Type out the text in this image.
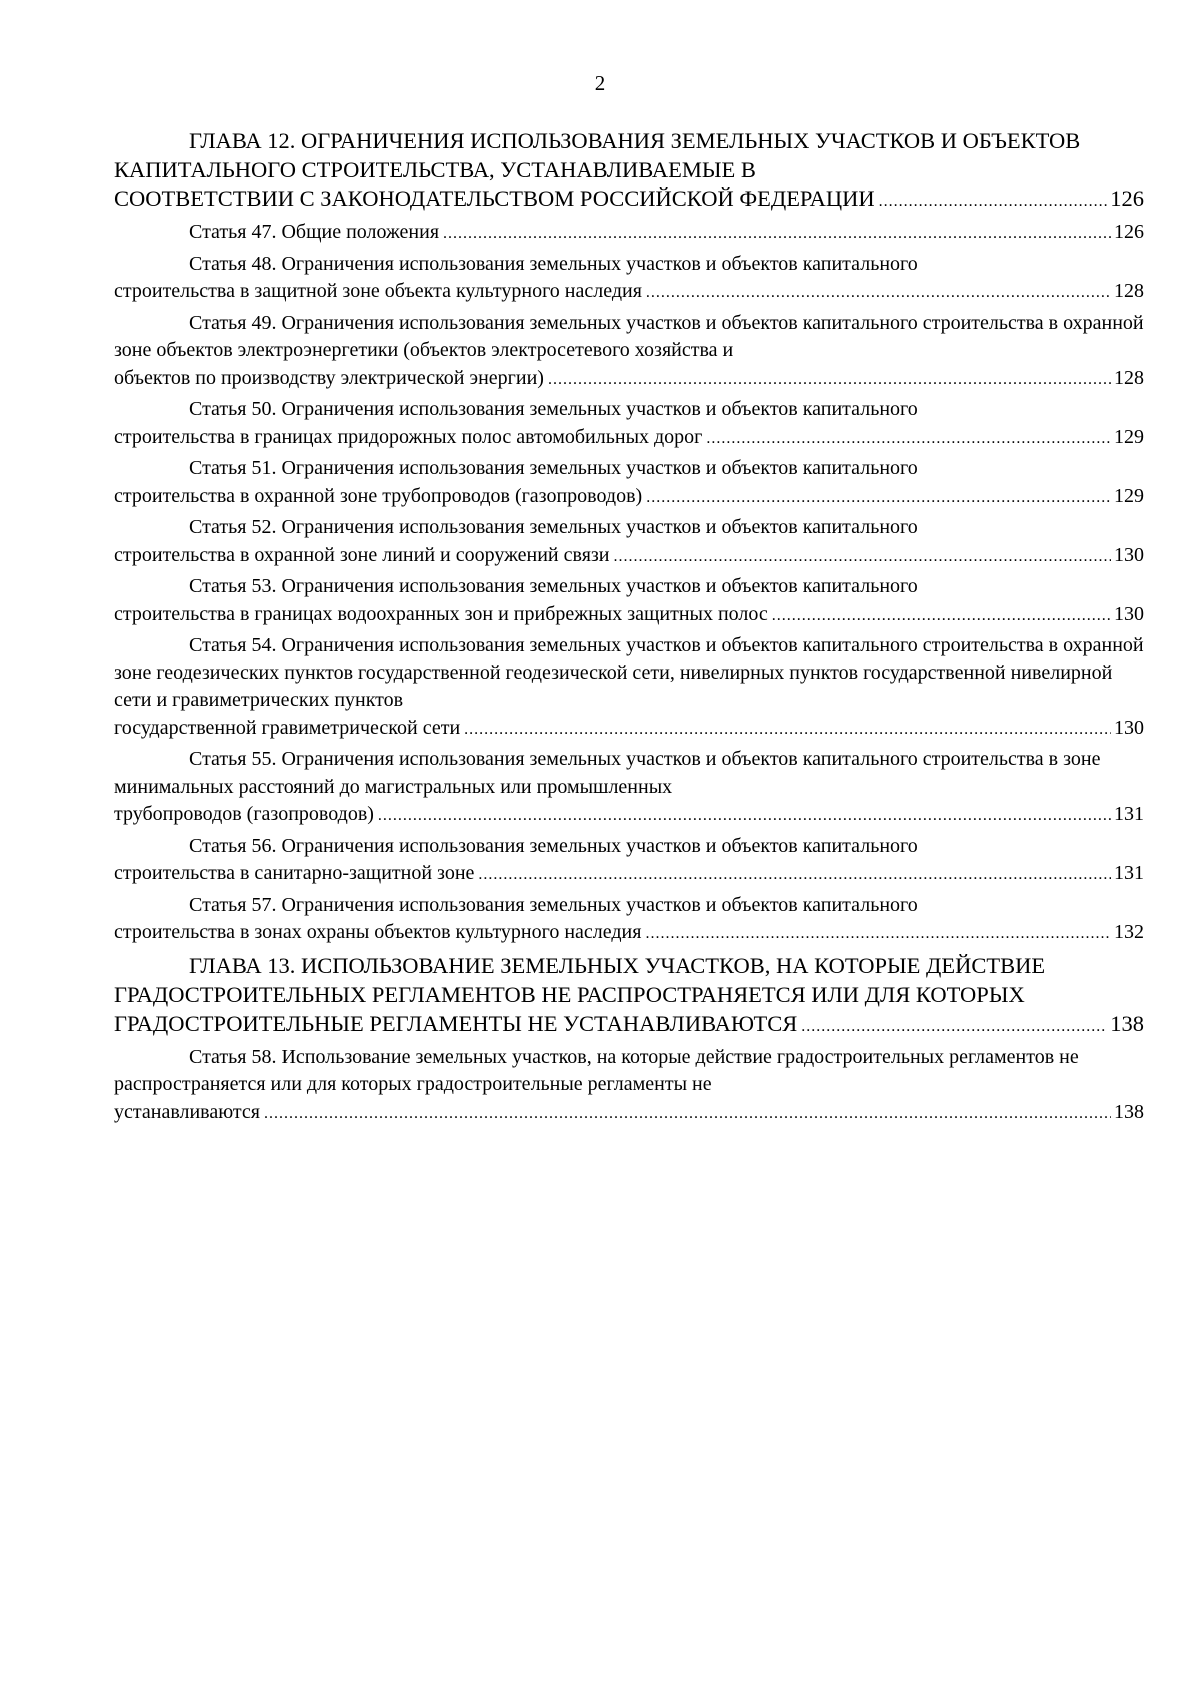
2
ГЛАВА 12. ОГРАНИЧЕНИЯ ИСПОЛЬЗОВАНИЯ ЗЕМЕЛЬНЫХ УЧАСТКОВ И ОБЪЕКТОВ КАПИТАЛЬНОГО СТРОИТЕЛЬСТВА, УСТАНАВЛИВАЕМЫЕ В
СООТВЕТСТВИИ С ЗАКОНОДАТЕЛЬСТВОМ РОССИЙСКОЙ ФЕДЕРАЦИИ .....	126
Статья 47. Общие положения .....	126
Статья 48. Ограничения использования земельных участков и объектов капитального
строительства в защитной зоне объекта культурного наследия .....	128
Статья 49. Ограничения использования земельных участков и объектов капитального строительства в охранной зоне объектов электроэнергетики (объектов электросетевого хозяйства и
объектов по производству электрической энергии) .....	128
Статья 50. Ограничения использования земельных участков и объектов капитального
строительства в границах придорожных полос автомобильных дорог .....	129
Статья 51. Ограничения использования земельных участков и объектов капитального
строительства в охранной зоне трубопроводов (газопроводов) .....	129
Статья 52. Ограничения использования земельных участков и объектов капитального
строительства в охранной зоне линий и сооружений связи .....	130
Статья 53. Ограничения использования земельных участков и объектов капитального
строительства в границах водоохранных зон и прибрежных защитных полос .....	130
Статья 54. Ограничения использования земельных участков и объектов капитального строительства в охранной зоне геодезических пунктов государственной геодезической сети, нивелирных пунктов государственной нивелирной сети и гравиметрических пунктов
государственной гравиметрической сети .....	130
Статья 55. Ограничения использования земельных участков и объектов капитального строительства в зоне минимальных расстояний до магистральных или промышленных
трубопроводов (газопроводов) .....	131
Статья 56. Ограничения использования земельных участков и объектов капитального
строительства в санитарно-защитной зоне .....	131
Статья 57. Ограничения использования земельных участков и объектов капитального
строительства в зонах охраны объектов культурного наследия .....	132
ГЛАВА 13. ИСПОЛЬЗОВАНИЕ ЗЕМЕЛЬНЫХ УЧАСТКОВ, НА КОТОРЫЕ ДЕЙСТВИЕ ГРАДОСТРОИТЕЛЬНЫХ РЕГЛАМЕНТОВ НЕ РАСПРОСТРАНЯЕТСЯ ИЛИ ДЛЯ КОТОРЫХ
ГРАДОСТРОИТЕЛЬНЫЕ РЕГЛАМЕНТЫ НЕ УСТАНАВЛИВАЮТСЯ .....	138
Статья 58. Использование земельных участков, на которые действие градостроительных регламентов не распространяется или для которых градостроительные регламенты не
устанавливаются .....	138
